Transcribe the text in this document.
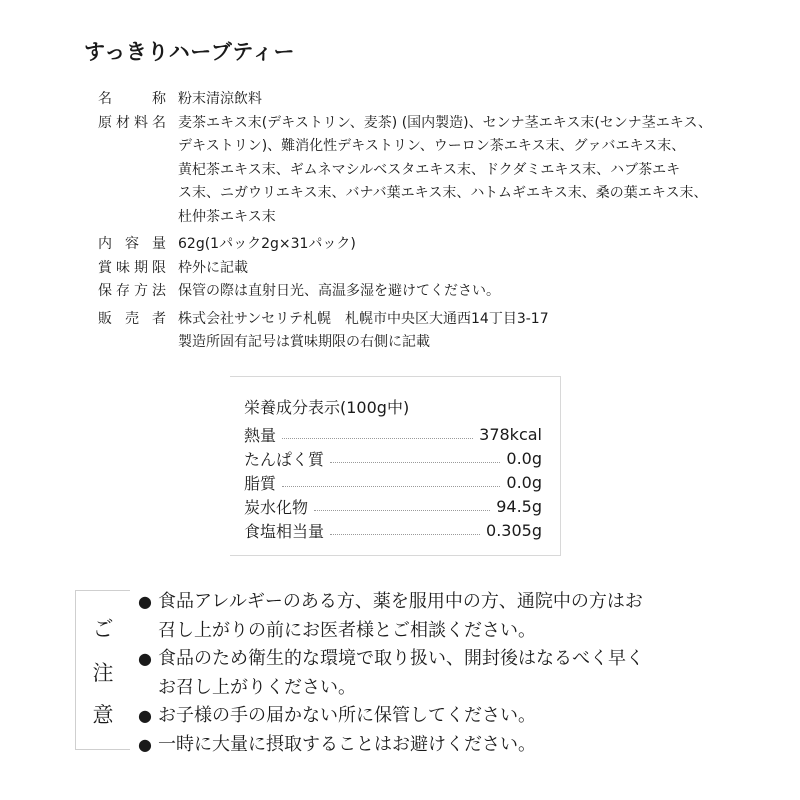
すっきりハーブティー
名称 粉末清涼飲料
原材料名 麦茶エキス末(デキストリン、麦茶) (国内製造)、センナ茎エキス末(センナ茎エキス、
デキストリン)、難消化性デキストリン、ウーロン茶エキス末、グァバエキス末、
黄杞茶エキス末、ギムネマシルベスタエキス末、ドクダミエキス末、ハブ茶エキ
ス末、ニガウリエキス末、バナバ葉エキス末、ハトムギエキス末、桑の葉エキス末、
杜仲茶エキス末
内容量 62g(1パック2g×31パック)
賞味期限 枠外に記載
保存方法 保管の際は直射日光、高温多湿を避けてください。
販売者 株式会社サンセリテ札幌　札幌市中央区大通西14丁目3-17
製造所固有記号は賞味期限の右側に記載
栄養成分表示(100g中)
熱量	378kcal
たんぱく質	0.0g
脂質	0.0g
炭水化物	94.5g
食塩相当量	0.305g
ご
注
意
● 食品アレルギーのある方、薬を服用中の方、通院中の方はお
召し上がりの前にお医者様とご相談ください。
● 食品のため衛生的な環境で取り扱い、開封後はなるべく早く
お召し上がりください。
● お子様の手の届かない所に保管してください。
● 一時に大量に摂取することはお避けください。
